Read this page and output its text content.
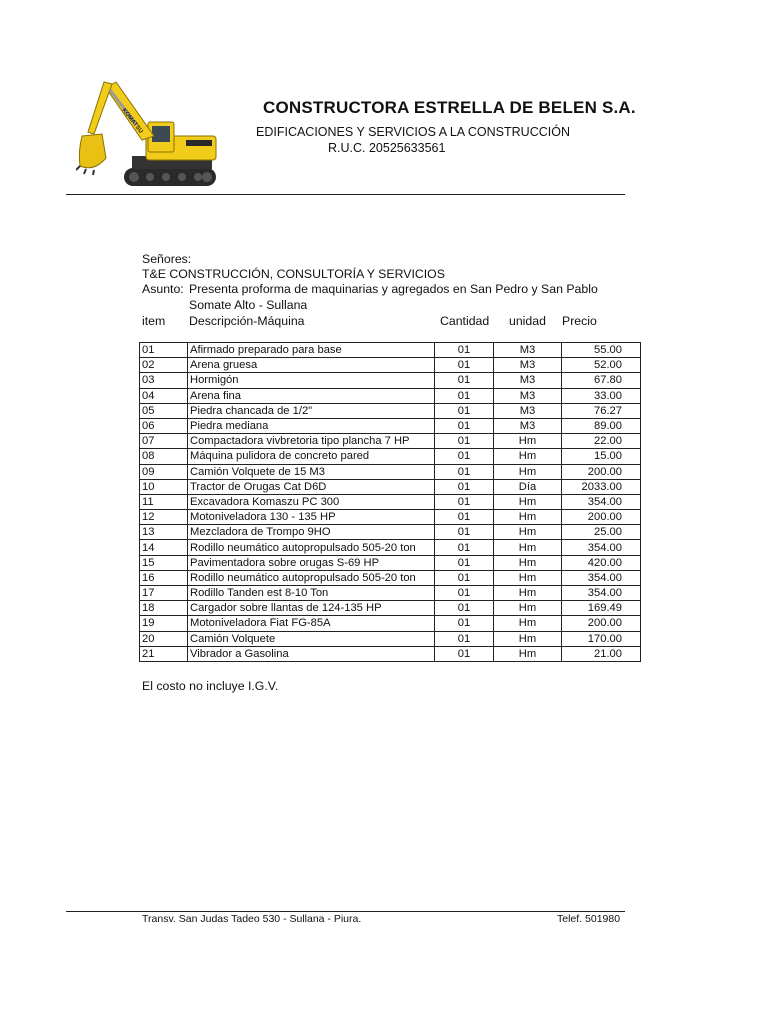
KOMATSU
CONSTRUCTORA ESTRELLA DE BELEN S.A.
EDIFICACIONES Y SERVICIOS A LA CONSTRUCCIÓN
R.U.C. 20525633561
Señores:
T&E CONSTRUCCIÓN, CONSULTORÍA Y SERVICIOS
Asunto: Presenta proforma de maquinarias y agregados en San Pedro y San Pablo
Somate Alto - Sullana
item Descripción-Máquina	Cantidad unidad Precio
01	Afirmado preparado para base	01	M3	55.00
02	Arena gruesa	01	M3	52.00
03	Hormigón	01	M3	67.80
04	Arena fina	01	M3	33.00
05	Piedra chancada de 1/2"	01	M3	76.27
06	Piedra mediana	01	M3	89.00
07	Compactadora vivbretoria tipo plancha 7 HP	01	Hm	22.00
08	Máquina pulidora de concreto pared	01	Hm	15.00
09	Camión Volquete de 15 M3	01	Hm	200.00
10	Tractor de Orugas Cat D6D	01	Día	2033.00
11	Excavadora Komaszu PC 300	01	Hm	354.00
12	Motoniveladora 130 - 135 HP	01	Hm	200.00
13	Mezcladora de Trompo 9HO	01	Hm	25.00
14	Rodillo neumático autopropulsado 505-20 ton	01	Hm	354.00
15	Pavimentadora sobre orugas S-69 HP	01	Hm	420.00
16	Rodillo neumático autopropulsado 505-20 ton	01	Hm	354.00
17	Rodillo Tanden est 8-10 Ton	01	Hm	354.00
18	Cargador sobre llantas de 124-135 HP	01	Hm	169.49
19	Motoniveladora Fiat FG-85A	01	Hm	200.00
20	Camión Volquete	01	Hm	170.00
21	Vibrador a Gasolina	01	Hm	21.00
El costo no incluye I.G.V.
Transv. San Judas Tadeo 530 - Sullana - Piura.	Telef. 501980
